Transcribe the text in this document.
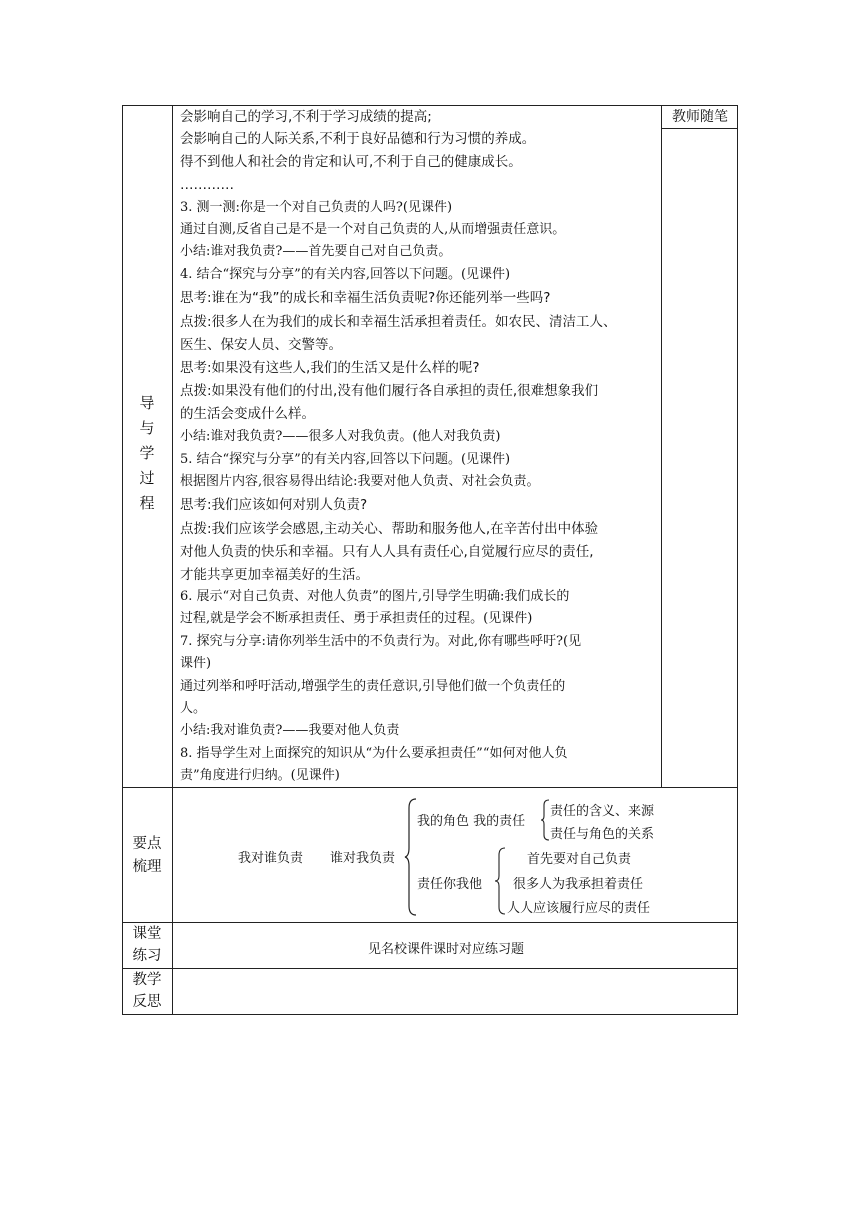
教师随笔
导
与
学
过
程
会影响自己的学习,不利于学习成绩的提高;
会影响自己的人际关系,不利于良好品德和行为习惯的养成。
得不到他人和社会的肯定和认可,不利于自己的健康成长。
…………
3. 测一测:你是一个对自己负责的人吗?(见课件)
通过自测,反省自己是不是一个对自己负责的人,从而增强责任意识。
小结:谁对我负责?——首先要自己对自己负责。
4. 结合“探究与分享”的有关内容,回答以下问题。(见课件)
思考:谁在为“我”的成长和幸福生活负责呢?你还能列举一些吗?
点拨:很多人在为我们的成长和幸福生活承担着责任。如农民、清洁工人、
医生、保安人员、交警等。
思考:如果没有这些人,我们的生活又是什么样的呢?
点拨:如果没有他们的付出,没有他们履行各自承担的责任,很难想象我们
的生活会变成什么样。
小结:谁对我负责?——很多人对我负责。(他人对我负责)
5. 结合“探究与分享”的有关内容,回答以下问题。(见课件)
根据图片内容,很容易得出结论:我要对他人负责、对社会负责。
思考:我们应该如何对别人负责?
点拨:我们应该学会感恩,主动关心、帮助和服务他人,在辛苦付出中体验
对他人负责的快乐和幸福。只有人人具有责任心,自觉履行应尽的责任,
才能共享更加幸福美好的生活。
6. 展示“对自己负责、对他人负责”的图片,引导学生明确:我们成长的
过程,就是学会不断承担责任、勇于承担责任的过程。(见课件)
7. 探究与分享:请你列举生活中的不负责行为。对此,你有哪些呼吁?(见
课件)
通过列举和呼吁活动,增强学生的责任意识,引导他们做一个负责任的
人。
小结:我对谁负责?——我要对他人负责
8. 指导学生对上面探究的知识从“为什么要承担责任”“如何对他人负
责”角度进行归纳。(见课件)
要点
梳理
我对谁负责 谁对我负责
我的角色 我的责任
责任的含义、来源
责任与角色的关系
责任你我他
首先要对自己负责
很多人为我承担着责任
人人应该履行应尽的责任
课堂
练习	见名校课件课时对应练习题
教学
反思
